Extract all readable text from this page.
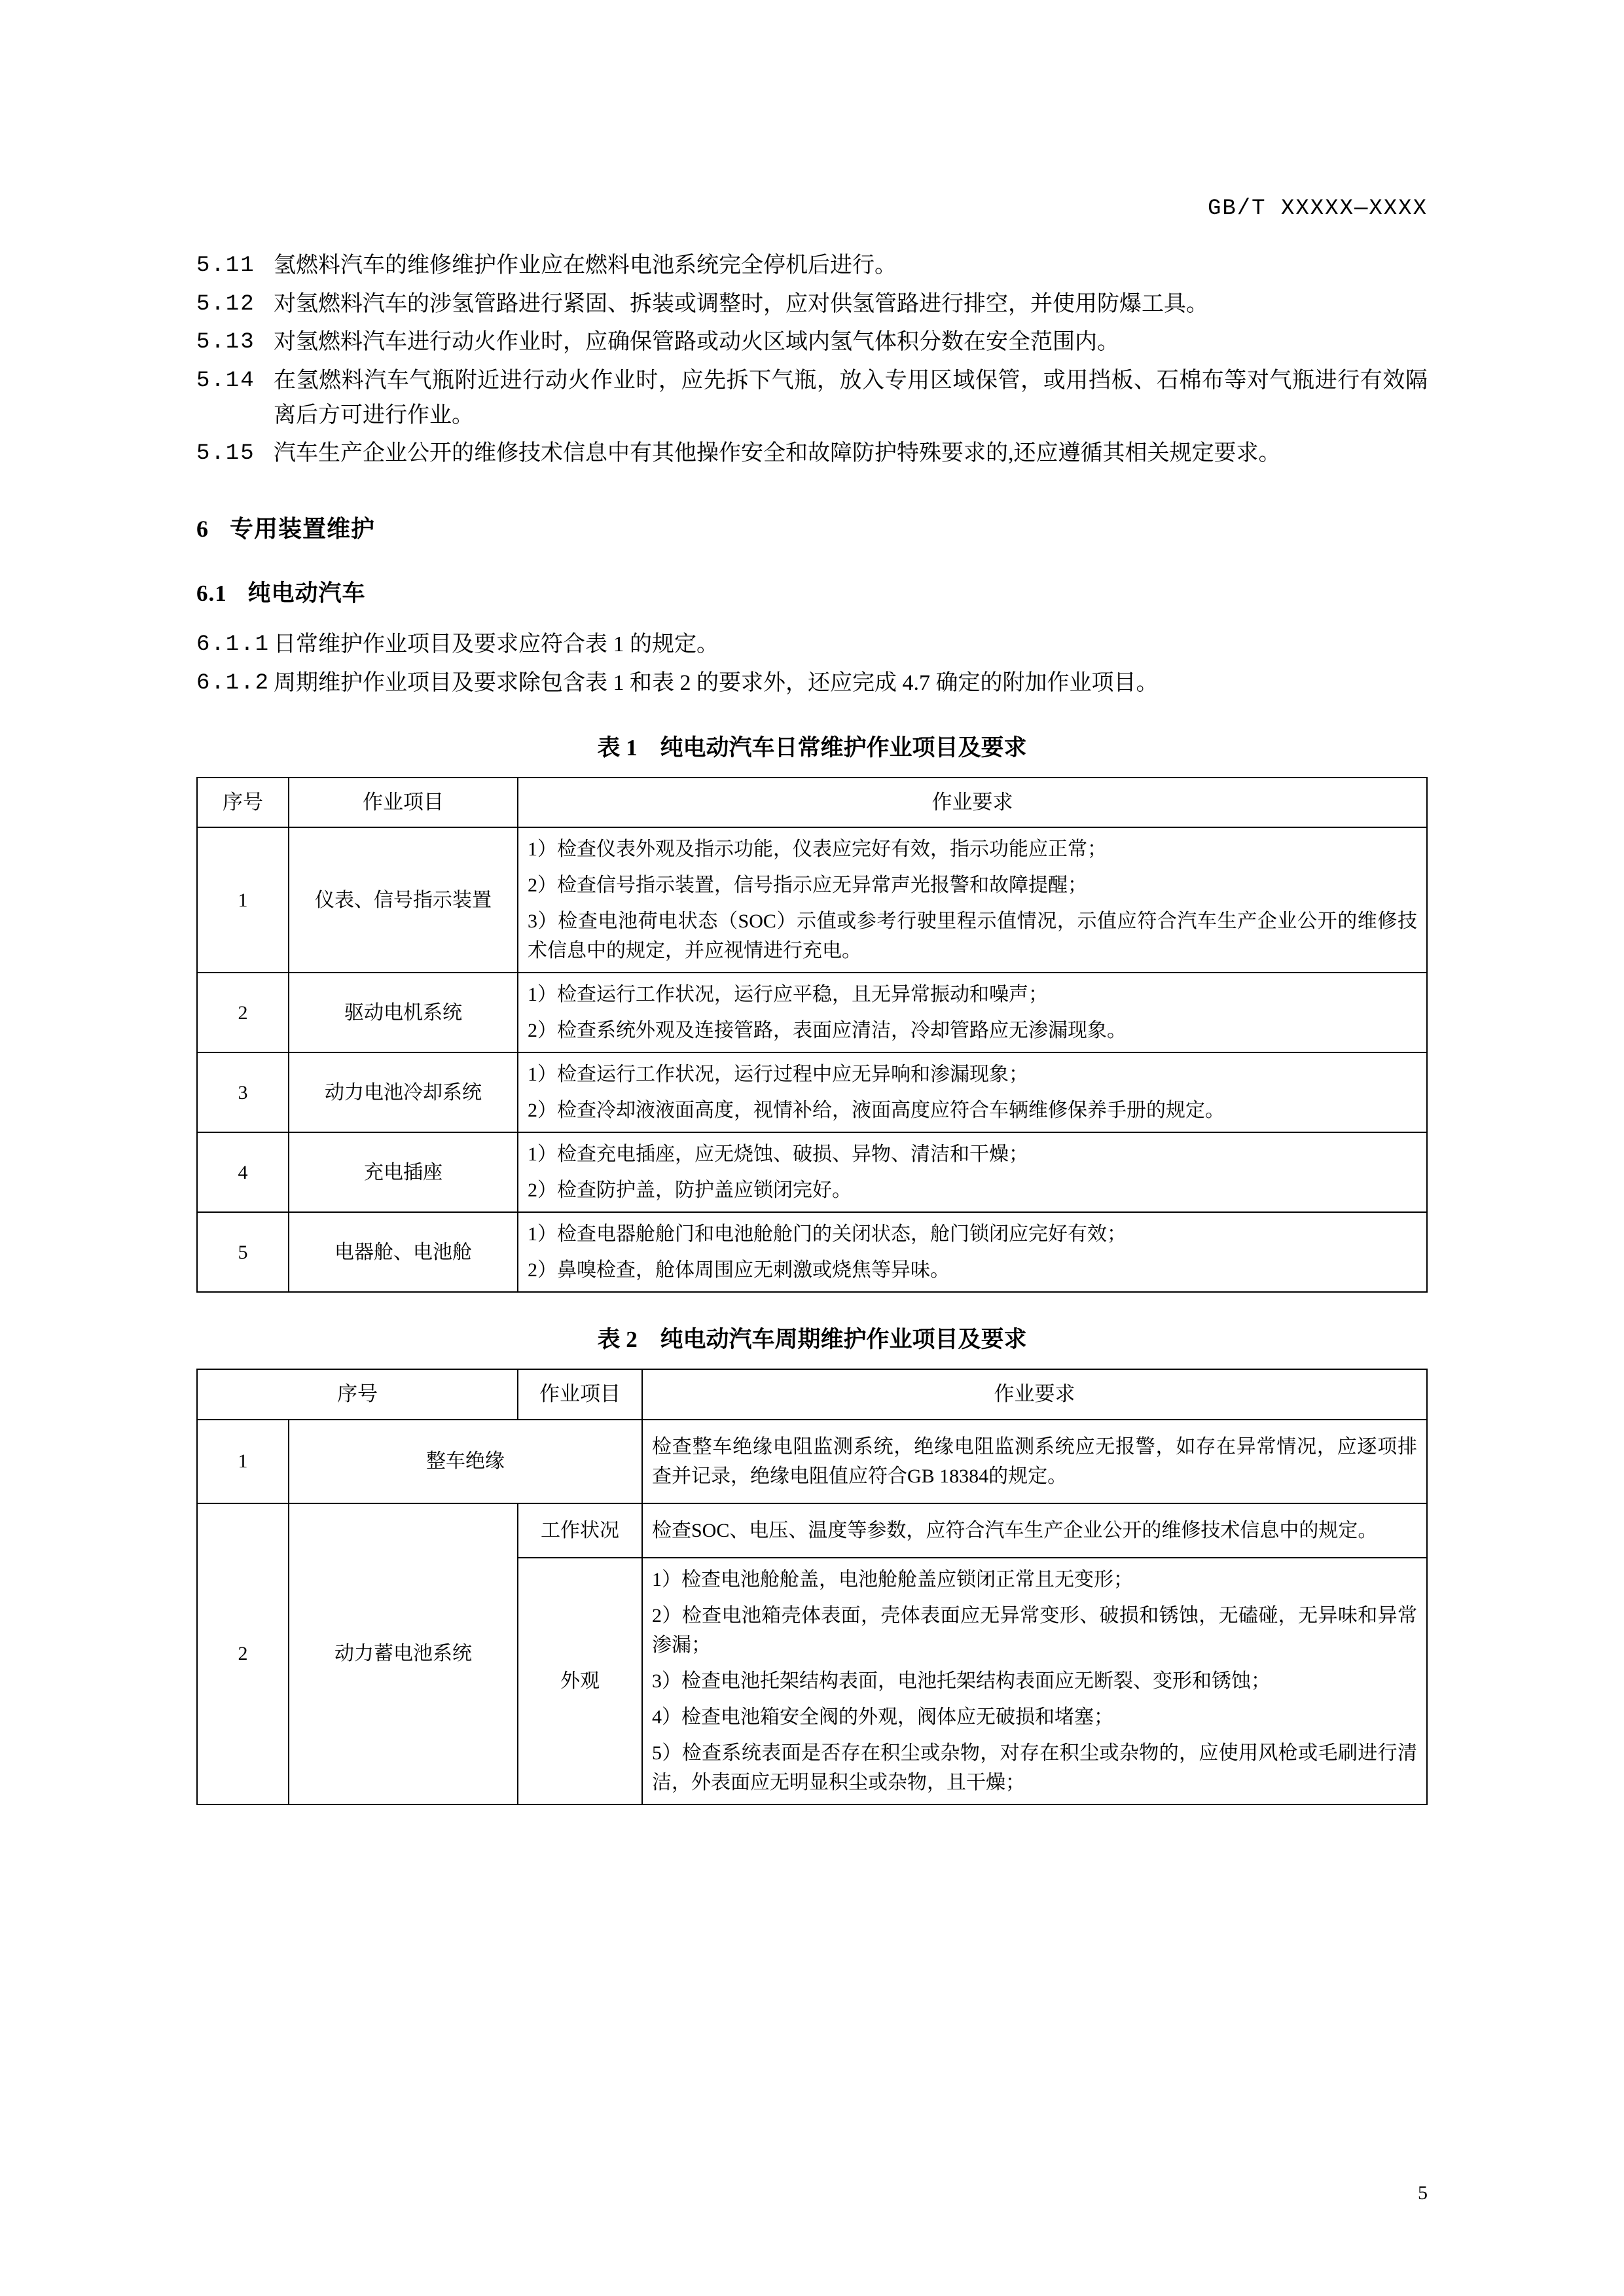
GB/T XXXXX—XXXX
5.11 氢燃料汽车的维修维护作业应在燃料电池系统完全停机后进行。
5.12 对氢燃料汽车的涉氢管路进行紧固、拆装或调整时，应对供氢管路进行排空，并使用防爆工具。
5.13 对氢燃料汽车进行动火作业时，应确保管路或动火区域内氢气体积分数在安全范围内。
5.14 在氢燃料汽车气瓶附近进行动火作业时，应先拆下气瓶，放入专用区域保管，或用挡板、石棉布等对气瓶进行有效隔离后方可进行作业。
5.15 汽车生产企业公开的维修技术信息中有其他操作安全和故障防护特殊要求的,还应遵循其相关规定要求。
6 专用装置维护
6.1 纯电动汽车
6.1.1 日常维护作业项目及要求应符合表 1 的规定。
6.1.2 周期维护作业项目及要求除包含表 1 和表 2 的要求外，还应完成 4.7 确定的附加作业项目。
表 1 纯电动汽车日常维护作业项目及要求
序号	作业项目	作业要求
1	仪表、信号指示装置	1）检查仪表外观及指示功能，仪表应完好有效，指示功能应正常；

2）检查信号指示装置，信号指示应无异常声光报警和故障提醒；

3）检查电池荷电状态（SOC）示值或参考行驶里程示值情况，示值应符合汽车生产企业公开的维修技术信息中的规定，并应视情进行充电。

2	驱动电机系统	1）检查运行工作状况，运行应平稳，且无异常振动和噪声；

2）检查系统外观及连接管路，表面应清洁，冷却管路应无渗漏现象。

3	动力电池冷却系统	1）检查运行工作状况，运行过程中应无异响和渗漏现象；

2）检查冷却液液面高度，视情补给，液面高度应符合车辆维修保养手册的规定。

4	充电插座	1）检查充电插座，应无烧蚀、破损、异物、清洁和干燥；

2）检查防护盖，防护盖应锁闭完好。

5	电器舱、电池舱	1）检查电器舱舱门和电池舱舱门的关闭状态，舱门锁闭应完好有效；

2）鼻嗅检查，舱体周围应无刺激或烧焦等异味。

表 2 纯电动汽车周期维护作业项目及要求
序号		作业项目	作业要求
1	整车绝缘		检查整车绝缘电阻监测系统，绝缘电阻监测系统应无报警，如存在异常情况，应逐项排查并记录，绝缘电阻值应符合GB 18384的规定。

2	动力蓄电池系统	工作状况	检查SOC、电压、温度等参数，应符合汽车生产企业公开的维修技术信息中的规定。

		外观	1）检查电池舱舱盖，电池舱舱盖应锁闭正常且无变形；

2）检查电池箱壳体表面，壳体表面应无异常变形、破损和锈蚀，无磕碰，无异味和异常渗漏；

3）检查电池托架结构表面，电池托架结构表面应无断裂、变形和锈蚀；

4）检查电池箱安全阀的外观，阀体应无破损和堵塞；

5）检查系统表面是否存在积尘或杂物，对存在积尘或杂物的，应使用风枪或毛刷进行清洁，外表面应无明显积尘或杂物，且干燥；

5
